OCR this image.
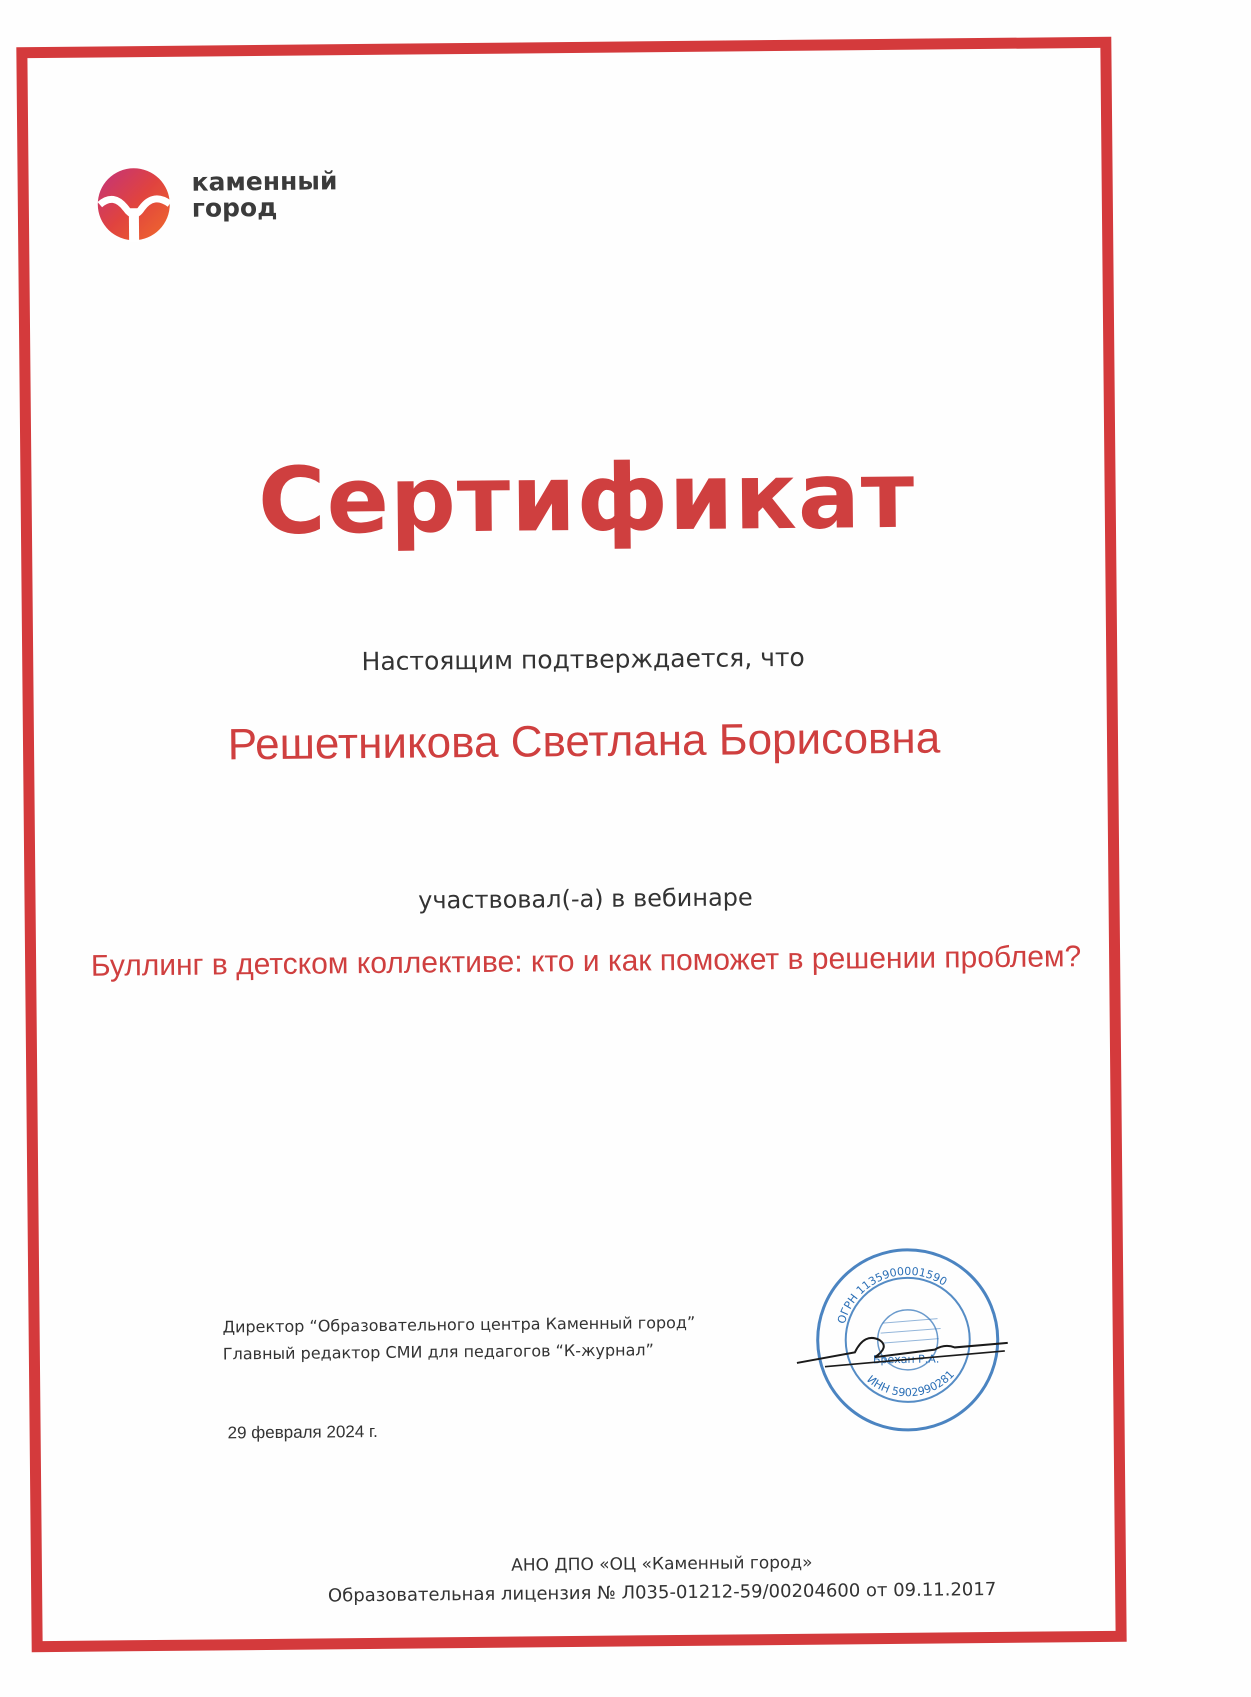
каменный
город
Сертификат
Настоящим подтверждается, что
Решетникова Светлана Борисовна
участвовал(-а) в вебинаре
Буллинг в детском коллективе: кто и как поможет в решении проблем?
Директор “Образовательного центра Каменный город”
Главный редактор СМИ для педагогов “К-журнал”
29 февраля 2024 г.
ОГРН 1135900001590
ИНН 5902990281
Брехан Р.А.
АНО ДПО «ОЦ «Каменный город»
Образовательная лицензия № Л035-01212-59/00204600 от 09.11.2017
